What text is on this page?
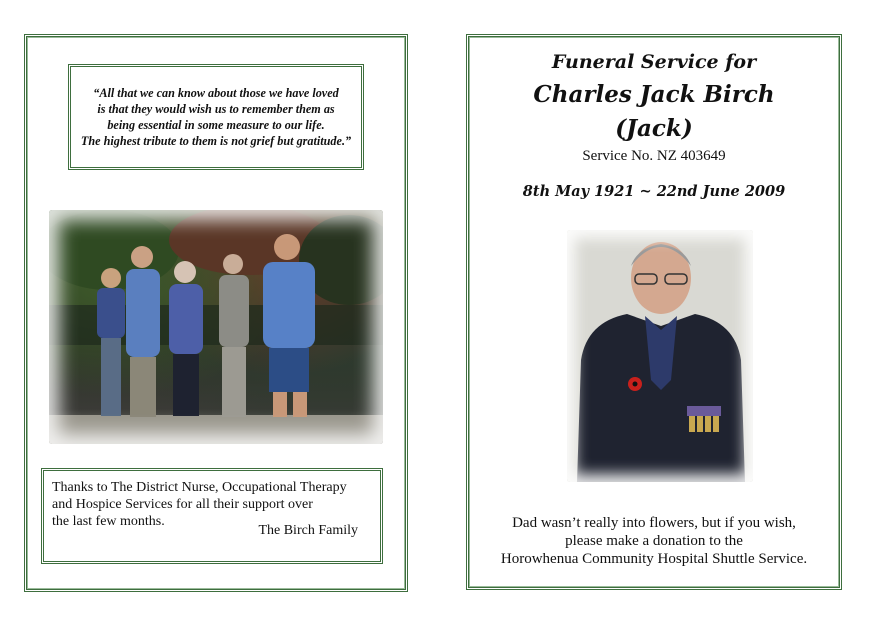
“All that we can know about those we have loved
is that they would wish us to remember them as
being essential in some measure to our life.
The highest tribute to them is not grief but gratitude.”
Thanks to The District Nurse, Occupational Therapy
and Hospice Services for all their support over
the last few months.
The Birch Family
Funeral Service for
Charles Jack Birch
(Jack)
Service No. NZ 403649
8th May 1921 ~ 22nd June 2009
Dad wasn’t really into flowers, but if you wish,
please make a donation to the
Horowhenua Community Hospital Shuttle Service.
